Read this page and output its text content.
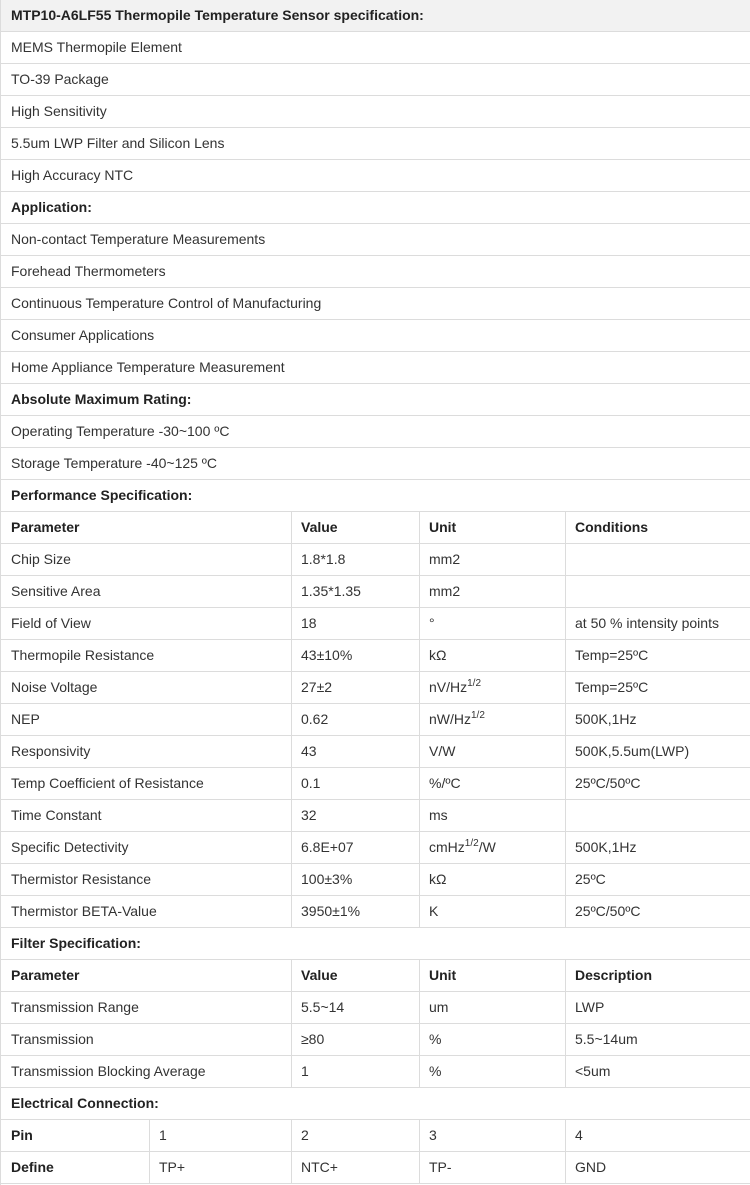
MTP10-A6LF55 Thermopile Temperature Sensor specification:
MEMS Thermopile Element
TO-39 Package
High Sensitivity
5.5um LWP Filter and Silicon Lens
High Accuracy NTC
Application:
Non-contact Temperature Measurements
Forehead Thermometers
Continuous Temperature Control of Manufacturing
Consumer Applications
Home Appliance Temperature Measurement
Absolute Maximum Rating:
Operating Temperature -30~100 ºC
Storage Temperature -40~125 ºC
Performance Specification:
Parameter	Value	Unit	Conditions
Chip Size	1.8*1.8	mm2
Sensitive Area	1.35*1.35	mm2
Field of View	18	°	at 50 % intensity points
Thermopile Resistance	43±10%	kΩ	Temp=25ºC
Noise Voltage	27±2	$nV/Hz^{1/2}$	Temp=25ºC
NEP	0.62	$nW/Hz^{1/2}$	500K,1Hz
Responsivity	43	V/W	500K,5.5um(LWP)
Temp Coefficient of Resistance	0.1	%/ºC	25ºC/50ºC
Time Constant	32	ms
Specific Detectivity	6.8E+07	cmHz$^{1/2}$/W	500K,1Hz
Thermistor Resistance	100±3%	kΩ	25ºC
Thermistor BETA-Value	3950±1%	K	25ºC/50ºC
Filter Specification:
Parameter	Value	Unit	Description
Transmission Range	5.5~14	um	LWP
Transmission	≥80	%	5.5~14um
Transmission Blocking Average	1	%	<5um
Electrical Connection:
Pin	1	2	3	4
Define	TP+	NTC+	TP-	GND
